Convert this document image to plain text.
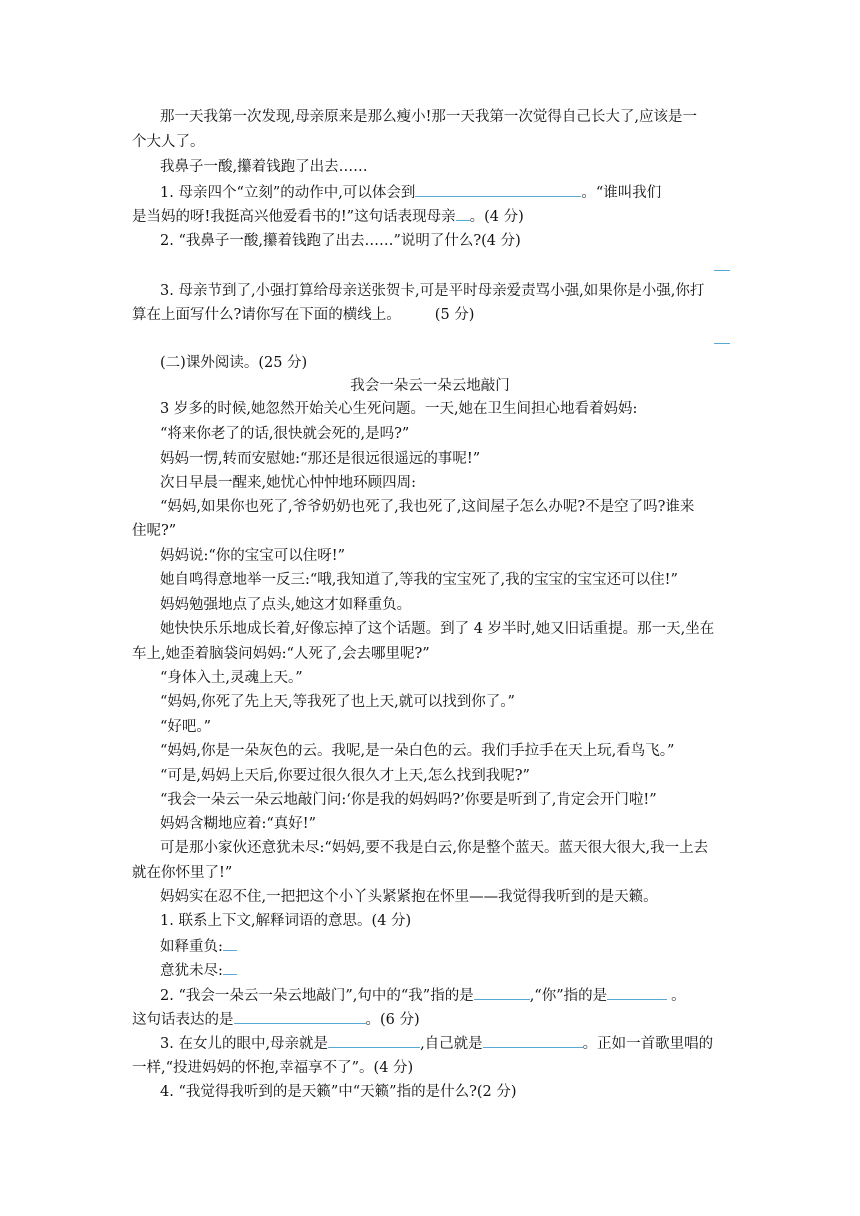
那一天我第一次发现,母亲原来是那么瘦小!那一天我第一次觉得自己长大了,应该是一
个大人了。
我鼻子一酸,攥着钱跑了出去……
1. 母亲四个“立刻”的动作中,可以体会到	。“谁叫我们
是当妈的呀!我挺高兴他爱看书的!”这句话表现母亲 。(4 分)
2. “我鼻子一酸,攥着钱跑了出去……”说明了什么?(4 分)
3. 母亲节到了,小强打算给母亲送张贺卡,可是平时母亲爱责骂小强,如果你是小强,你打
算在上面写什么?请你写在下面的横线上。 (5 分)
(二)课外阅读。(25 分)
我会一朵云一朵云地敲门
3 岁多的时候,她忽然开始关心生死问题。一天,她在卫生间担心地看着妈妈:
“将来你老了的话,很快就会死的,是吗?”
妈妈一愣,转而安慰她:“那还是很远很遥远的事呢!”
次日早晨一醒来,她忧心忡忡地环顾四周:
“妈妈,如果你也死了,爷爷奶奶也死了,我也死了,这间屋子怎么办呢?不是空了吗?谁来
住呢?”
妈妈说:“你的宝宝可以住呀!”
她自鸣得意地举一反三:“哦,我知道了,等我的宝宝死了,我的宝宝的宝宝还可以住!”
妈妈勉强地点了点头,她这才如释重负。
她快快乐乐地成长着,好像忘掉了这个话题。到了 4 岁半时,她又旧话重提。那一天,坐在
车上,她歪着脑袋问妈妈:“人死了,会去哪里呢?”
“身体入土,灵魂上天。”
“妈妈,你死了先上天,等我死了也上天,就可以找到你了。”
“好吧。”
“妈妈,你是一朵灰色的云。我呢,是一朵白色的云。我们手拉手在天上玩,看鸟飞。”
“可是,妈妈上天后,你要过很久很久才上天,怎么找到我呢?”
“我会一朵云一朵云地敲门问:‘你是我的妈妈吗?’你要是听到了,肯定会开门啦!”
妈妈含糊地应着:“真好!”
可是那小家伙还意犹未尽:“妈妈,要不我是白云,你是整个蓝天。蓝天很大很大,我一上去
就在你怀里了!”
妈妈实在忍不住,一把把这个小丫头紧紧抱在怀里——我觉得我听到的是天籁。
1. 联系上下文,解释词语的意思。(4 分)
如释重负:
意犹未尽:
2. “我会一朵云一朵云地敲门”,句中的“我”指的是	,“你”指的是	。
这句话表达的是	。(6 分)
3. 在女儿的眼中,母亲就是	,自己就是	。正如一首歌里唱的
一样,“投进妈妈的怀抱,幸福享不了”。(4 分)
4. “我觉得我听到的是天籁”中“天籁”指的是什么?(2 分)
